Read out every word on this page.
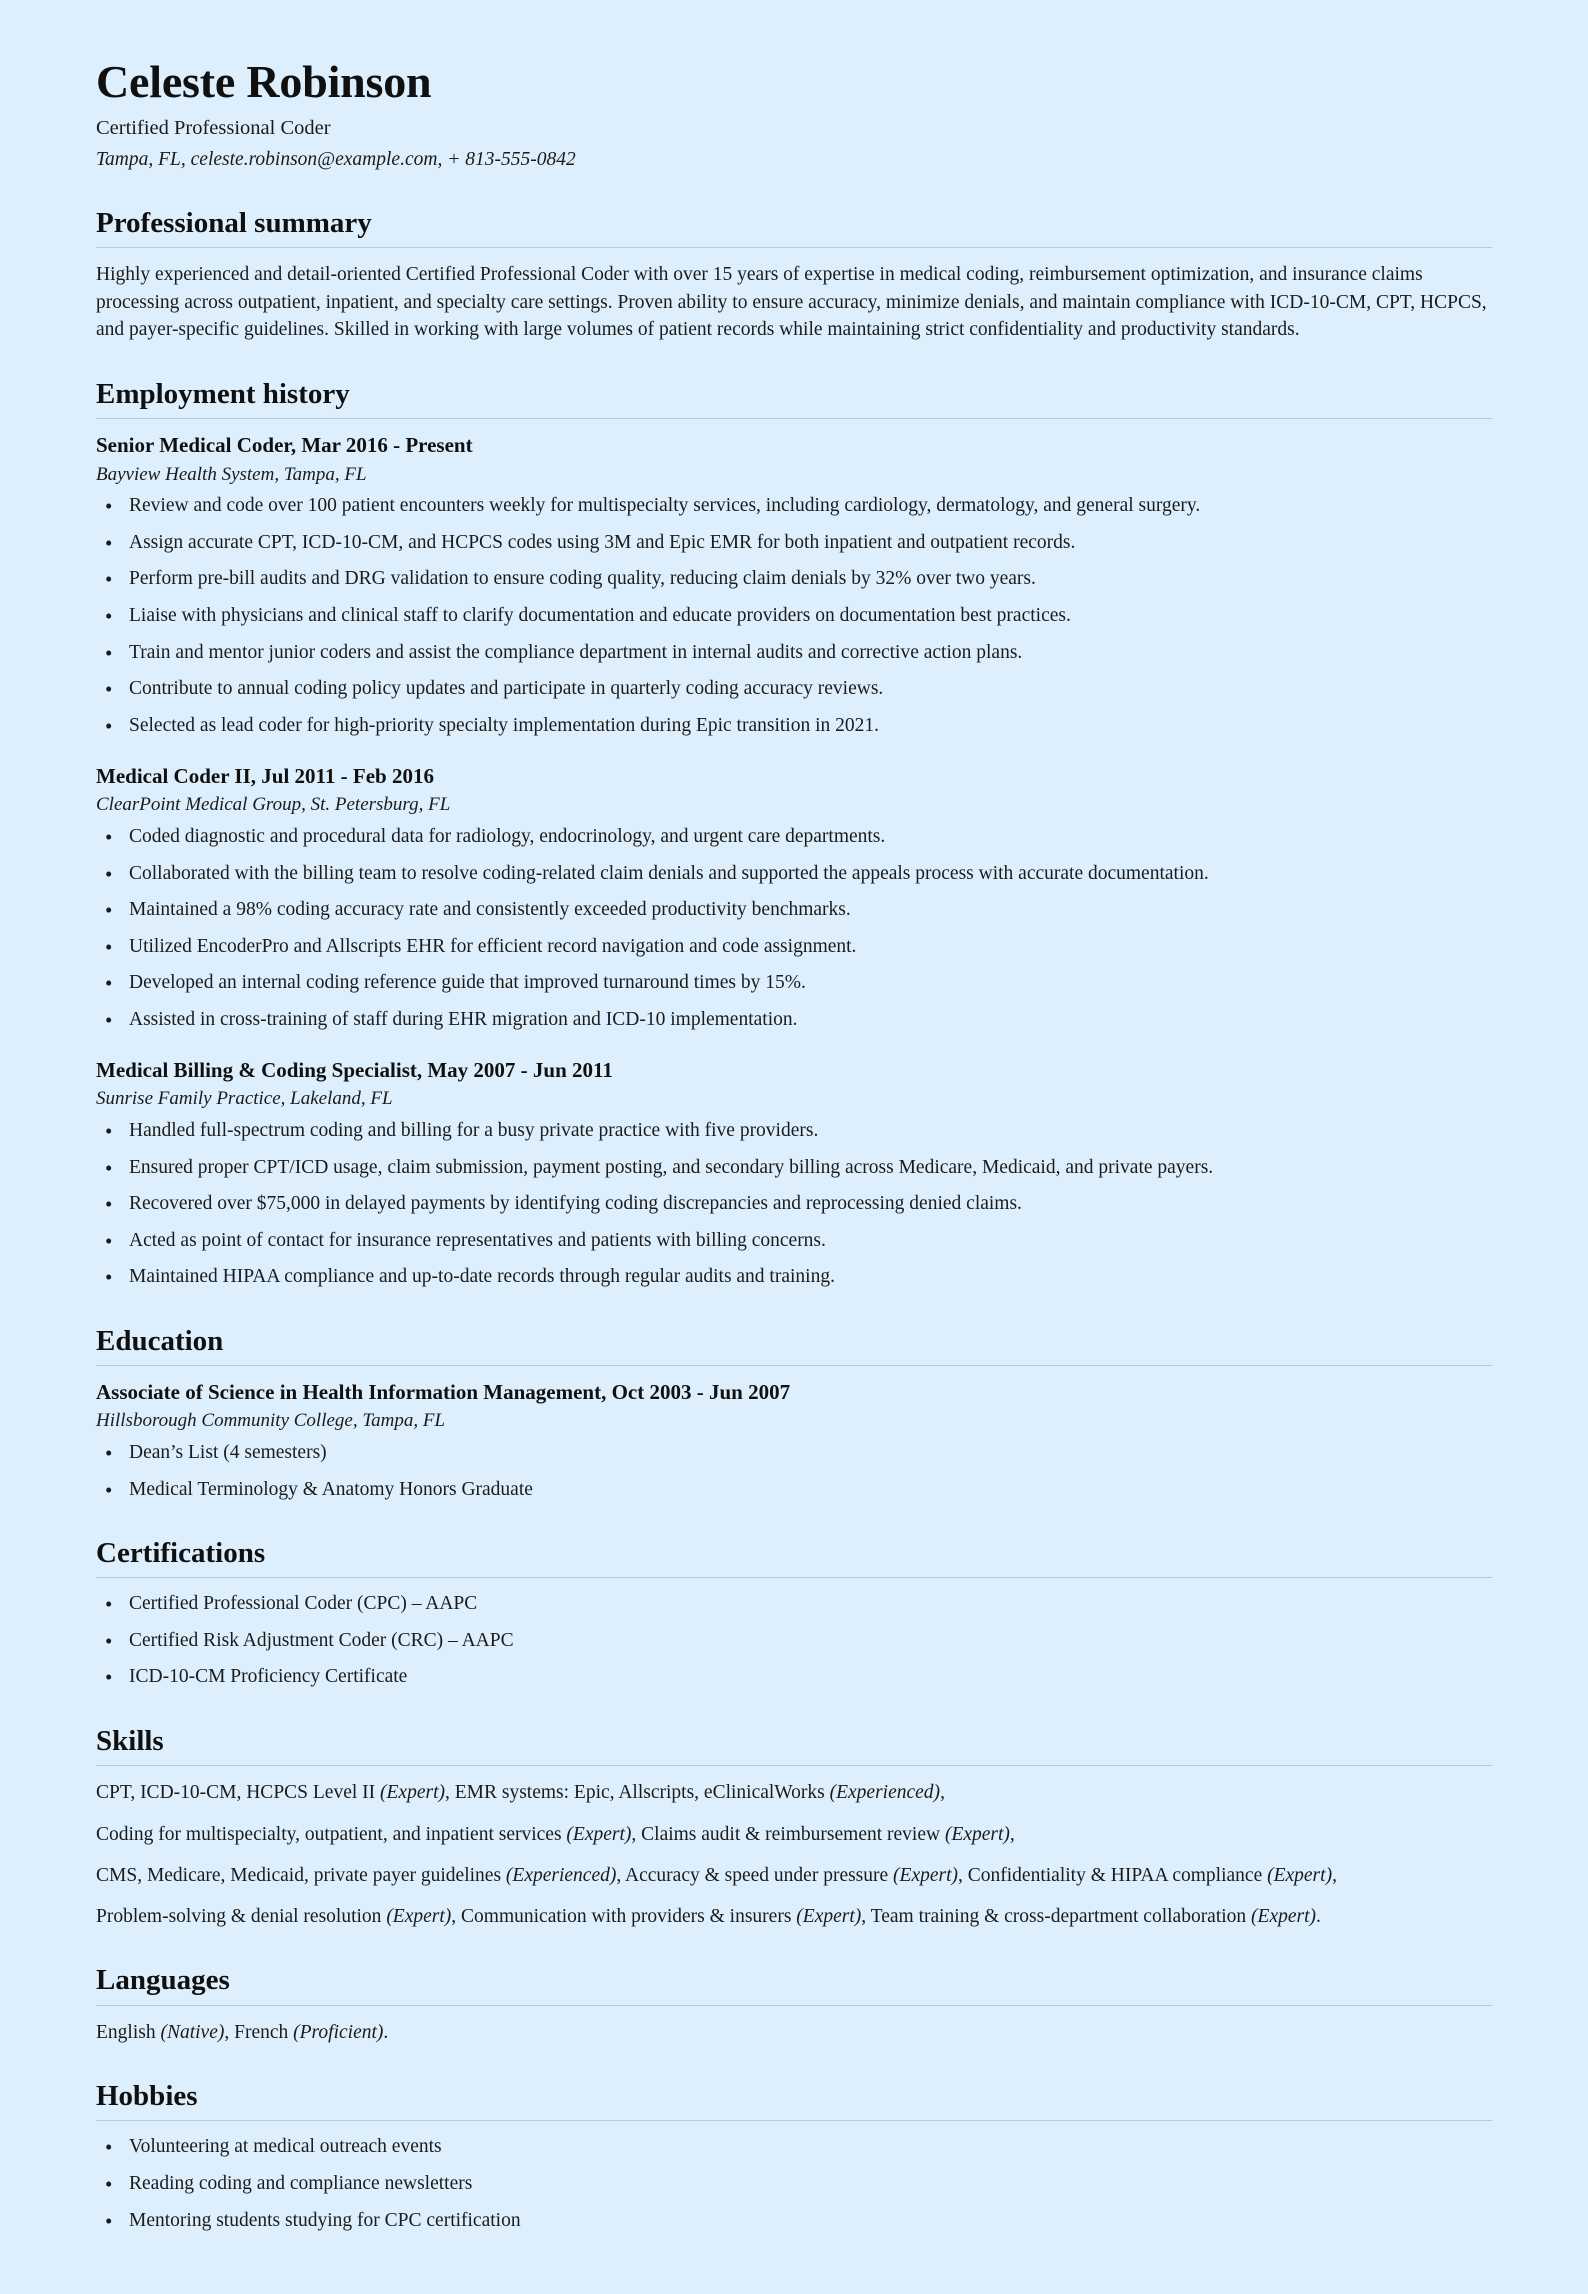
Celeste Robinson

Certified Professional Coder

Tampa, FL, celeste.robinson@example.com, + 813-555-0842

Professional summary

Highly experienced and detail-oriented Certified Professional Coder with over 15 years of expertise in medical coding, reimbursement optimization, and insurance claims processing across outpatient, inpatient, and specialty care settings. Proven ability to ensure accuracy, minimize denials, and maintain compliance with ICD-10-CM, CPT, HCPCS, and payer-specific guidelines. Skilled in working with large volumes of patient records while maintaining strict confidentiality and productivity standards.

Employment history
Senior Medical Coder, Mar 2016 - Present

Bayview Health System, Tampa, FL

• Review and code over 100 patient encounters weekly for multispecialty services, including cardiology, dermatology, and general surgery.
• Assign accurate CPT, ICD-10-CM, and HCPCS codes using 3M and Epic EMR for both inpatient and outpatient records.
• Perform pre-bill audits and DRG validation to ensure coding quality, reducing claim denials by 32% over two years.
• Liaise with physicians and clinical staff to clarify documentation and educate providers on documentation best practices.
• Train and mentor junior coders and assist the compliance department in internal audits and corrective action plans.
• Contribute to annual coding policy updates and participate in quarterly coding accuracy reviews.
• Selected as lead coder for high-priority specialty implementation during Epic transition in 2021.
Medical Coder II, Jul 2011 - Feb 2016

ClearPoint Medical Group, St. Petersburg, FL

• Coded diagnostic and procedural data for radiology, endocrinology, and urgent care departments.
• Collaborated with the billing team to resolve coding-related claim denials and supported the appeals process with accurate documentation.
• Maintained a 98% coding accuracy rate and consistently exceeded productivity benchmarks.
• Utilized EncoderPro and Allscripts EHR for efficient record navigation and code assignment.
• Developed an internal coding reference guide that improved turnaround times by 15%.
• Assisted in cross-training of staff during EHR migration and ICD-10 implementation.
Medical Billing & Coding Specialist, May 2007 - Jun 2011

Sunrise Family Practice, Lakeland, FL

• Handled full-spectrum coding and billing for a busy private practice with five providers.
• Ensured proper CPT/ICD usage, claim submission, payment posting, and secondary billing across Medicare, Medicaid, and private payers.
• Recovered over $75,000 in delayed payments by identifying coding discrepancies and reprocessing denied claims.
• Acted as point of contact for insurance representatives and patients with billing concerns.
• Maintained HIPAA compliance and up-to-date records through regular audits and training.
Education
Associate of Science in Health Information Management, Oct 2003 - Jun 2007

Hillsborough Community College, Tampa, FL

• Dean’s List (4 semesters)
• Medical Terminology & Anatomy Honors Graduate
Certifications
• Certified Professional Coder (CPC) – AAPC
• Certified Risk Adjustment Coder (CRC) – AAPC
• ICD-10-CM Proficiency Certificate
Skills

CPT, ICD-10-CM, HCPCS Level II (Expert), EMR systems: Epic, Allscripts, eClinicalWorks (Experienced),

Coding for multispecialty, outpatient, and inpatient services (Expert), Claims audit & reimbursement review (Expert),

CMS, Medicare, Medicaid, private payer guidelines (Experienced), Accuracy & speed under pressure (Expert), Confidentiality & HIPAA compliance (Expert),

Problem-solving & denial resolution (Expert), Communication with providers & insurers (Expert), Team training & cross-department collaboration (Expert).

Languages

English (Native), French (Proficient).

Hobbies
• Volunteering at medical outreach events
• Reading coding and compliance newsletters
• Mentoring students studying for CPC certification
